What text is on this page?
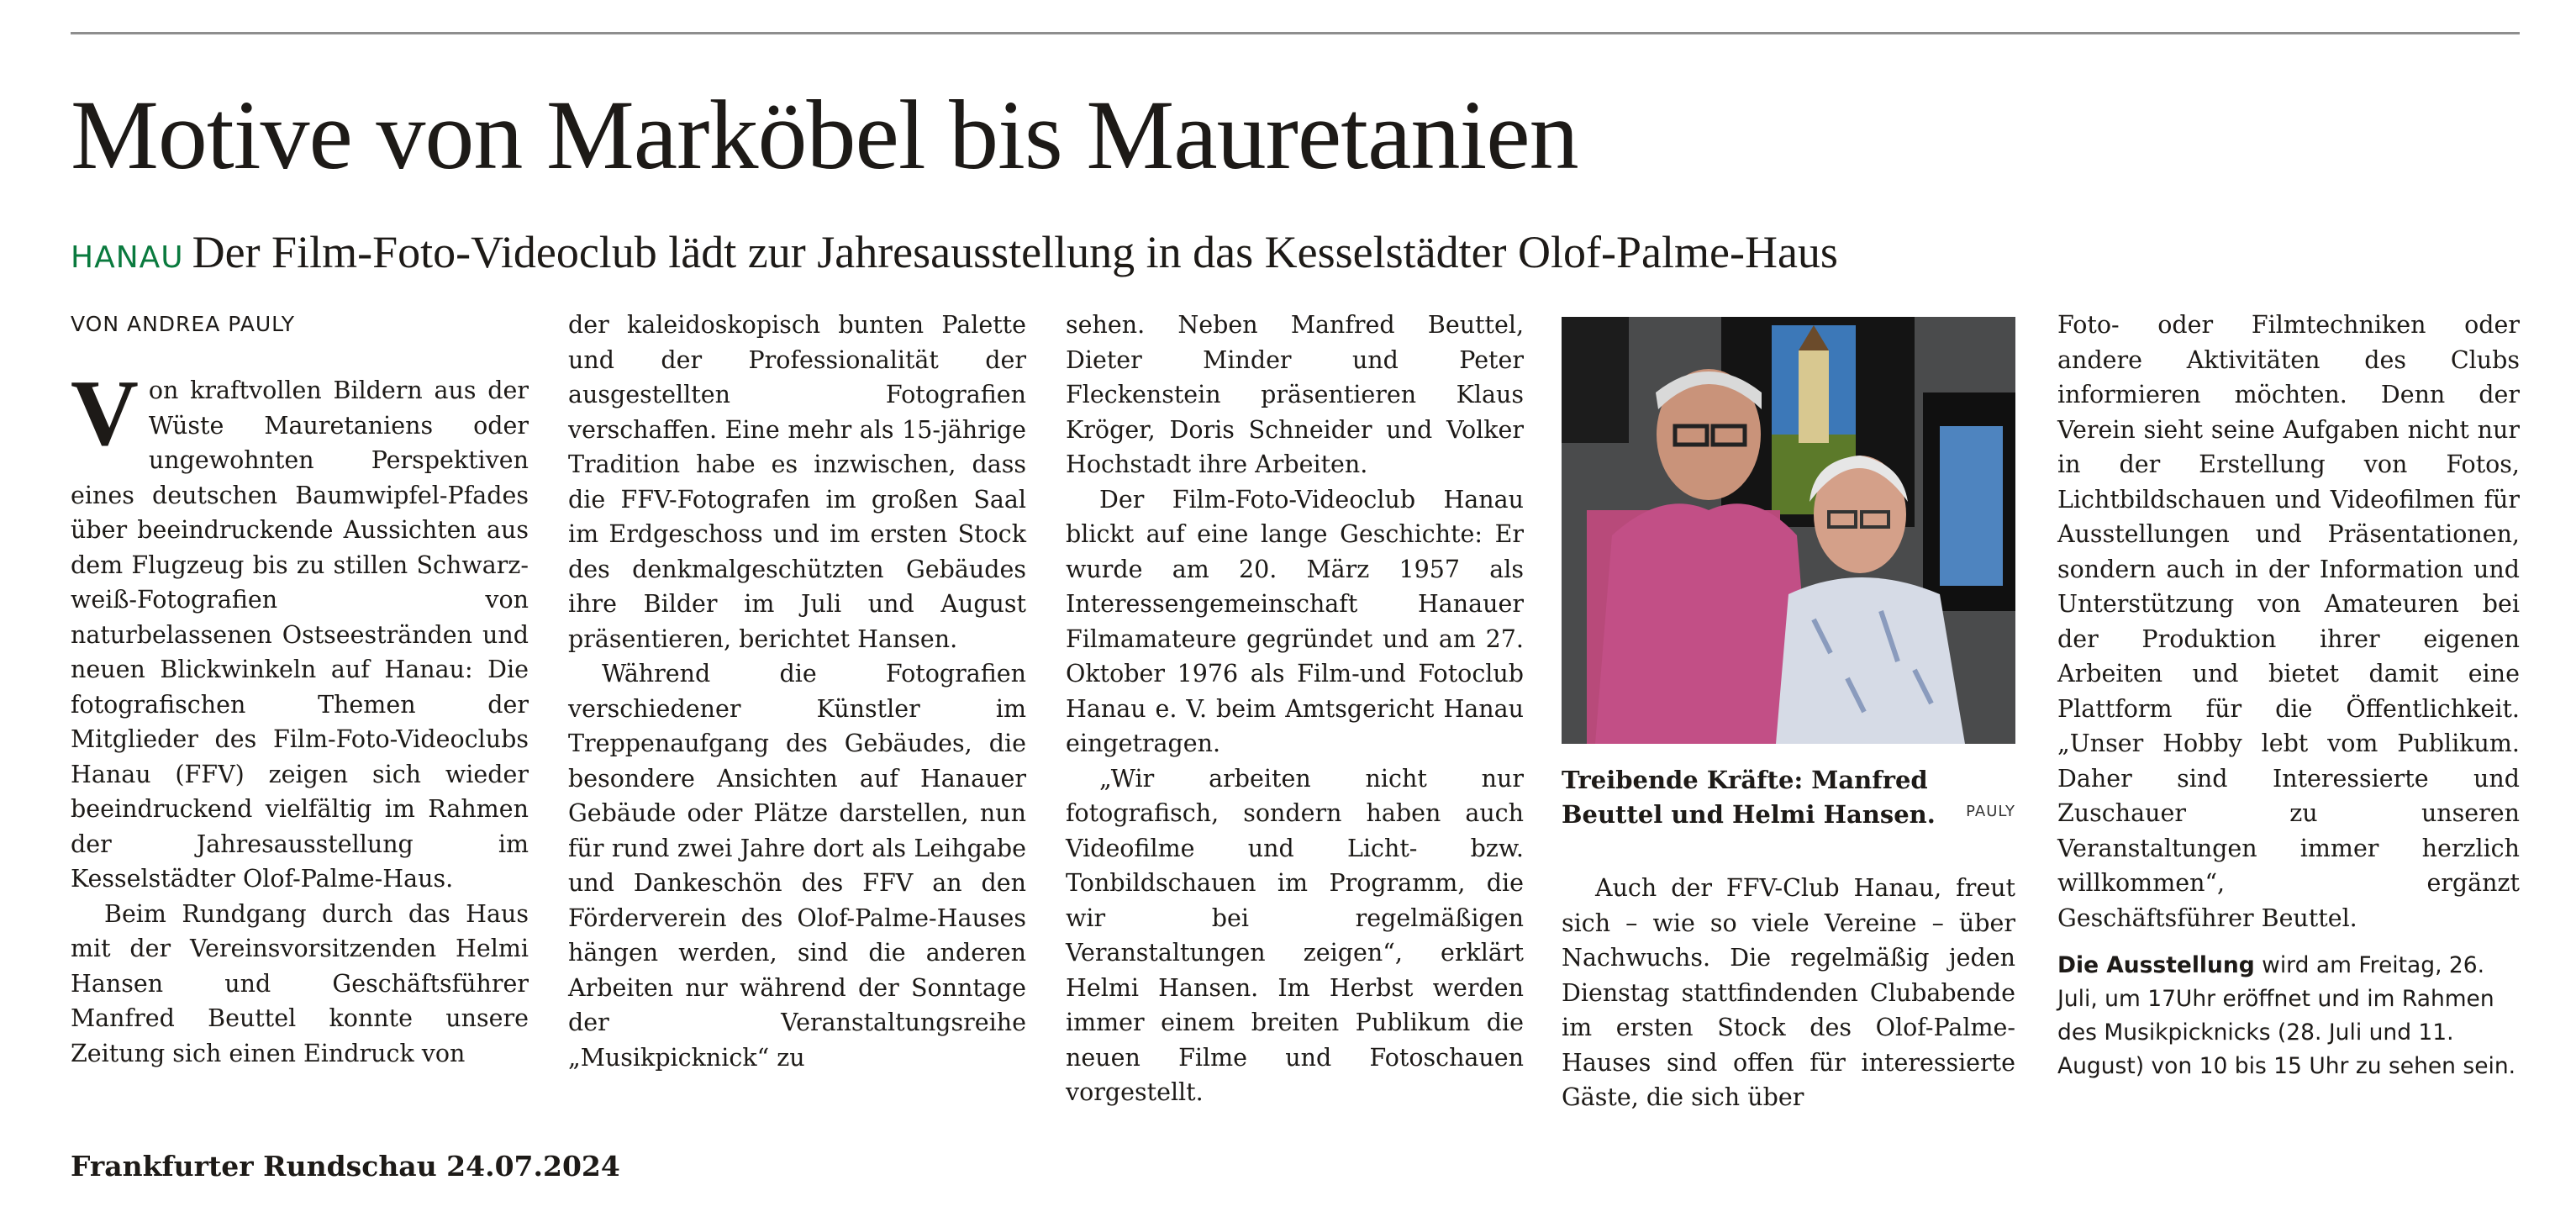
Motive von Marköbel bis Mauretanien
HANAU Der Film-Foto-Videoclub lädt zur Jahresausstellung in das Kesselstädter Olof-Palme-Haus
VON ANDREA PAULY

Von kraftvollen Bildern aus der Wüste Mauretaniens oder ungewohnten Perspektiven eines deutschen Baumwipfel-Pfades über beeindruckende Aussichten aus dem Flugzeug bis zu stillen Schwarz-weiß-Fotografien von naturbelassenen Ostseestränden und neuen Blickwinkeln auf Hanau: Die fotografischen Themen der Mitglieder des Film-Foto-Videoclubs Hanau (FFV) zeigen sich wieder beeindruckend vielfältig im Rahmen der Jahresausstellung im Kesselstädter Olof-Palme-Haus.

Beim Rundgang durch das Haus mit der Vereinsvorsitzenden Helmi Hansen und Geschäftsführer Manfred Beuttel konnte unsere Zeitung sich einen Eindruck von

der kaleidoskopisch bunten Palette und der Professionalität der ausgestellten Fotografien verschaffen. Eine mehr als 15-jährige Tradition habe es inzwischen, dass die FFV-Fotografen im großen Saal im Erdgeschoss und im ersten Stock des denkmalgeschützten Gebäudes ihre Bilder im Juli und August präsentieren, berichtet Hansen.

Während die Fotografien verschiedener Künstler im Treppenaufgang des Gebäudes, die besondere Ansichten auf Hanauer Gebäude oder Plätze darstellen, nun für rund zwei Jahre dort als Leihgabe und Dankeschön des FFV an den Förderverein des Olof-Palme-Hauses hängen werden, sind die anderen Arbeiten nur während der Sonntage der Veranstaltungsreihe „Musikpicknick“ zu

sehen. Neben Manfred Beuttel, Dieter Minder und Peter Fleckenstein präsentieren Klaus Kröger, Doris Schneider und Volker Hochstadt ihre Arbeiten.

Der Film-Foto-Videoclub Hanau blickt auf eine lange Geschichte: Er wurde am 20. März 1957 als Interessengemeinschaft Hanauer Filmamateure gegründet und am 27. Oktober 1976 als Film-und Fotoclub Hanau e. V. beim Amtsgericht Hanau eingetragen.

„Wir arbeiten nicht nur fotografisch, sondern haben auch Videofilme und Licht- bzw. Tonbildschauen im Programm, die wir bei regelmäßigen Veranstaltungen zeigen“, erklärt Helmi Hansen. Im Herbst werden immer einem breiten Publikum die neuen Filme und Fotoschauen vorgestellt.

Treibende Kräfte: Manfred Beuttel und Helmi Hansen. PAULY

Auch der FFV-Club Hanau, freut sich – wie so viele Vereine – über Nachwuchs. Die regelmäßig jeden Dienstag stattfindenden Clubabende im ersten Stock des Olof-Palme-Hauses sind offen für interessierte Gäste, die sich über

Foto- oder Filmtechniken oder andere Aktivitäten des Clubs informieren möchten. Denn der Verein sieht seine Aufgaben nicht nur in der Erstellung von Fotos, Lichtbildschauen und Videofilmen für Ausstellungen und Präsentationen, sondern auch in der Information und Unterstützung von Amateuren bei der Produktion ihrer eigenen Arbeiten und bietet damit eine Plattform für die Öffentlichkeit. „Unser Hobby lebt vom Publikum. Daher sind Interessierte und Zuschauer zu unseren Veranstaltungen immer herzlich willkommen“, ergänzt Geschäftsführer Beuttel.

Die Ausstellung wird am Freitag, 26. Juli, um 17Uhr eröffnet und im Rahmen des Musikpicknicks (28. Juli und 11. August) von 10 bis 15 Uhr zu sehen sein.

Frankfurter Rundschau 24.07.2024
